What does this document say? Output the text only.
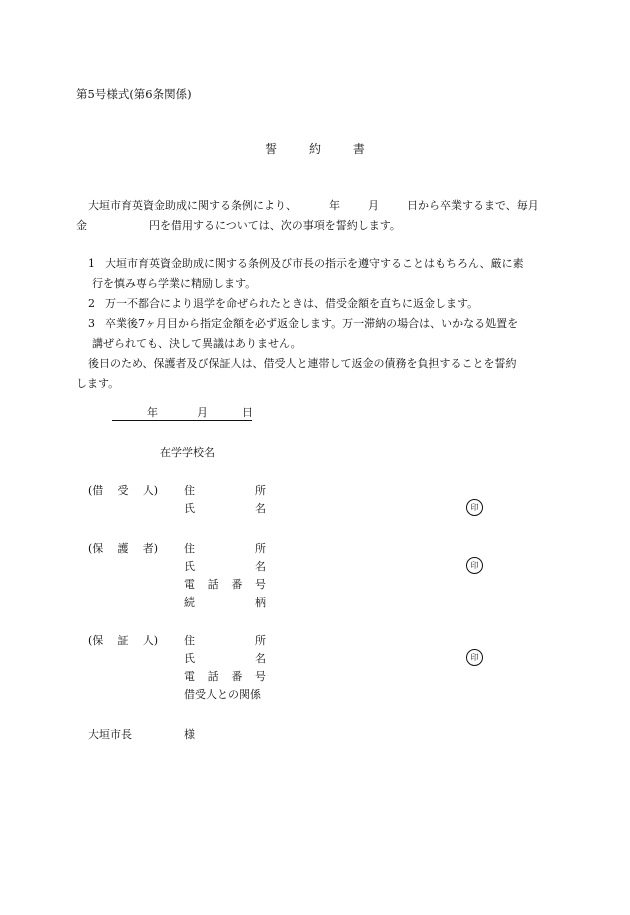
第5号様式(第6条関係)
誓	約	書
大垣市育英資金助成に関する条例により、	年	月	日から卒業するまで、毎月
金	円を借用するについては、次の事項を誓約します。
1 大垣市育英資金助成に関する条例及び市長の指示を遵守することはもちろん、厳に素
行を慎み専ら学業に精励します。
2 万一不都合により退学を命ぜられたときは、借受金額を直ちに返金します。
3 卒業後7ヶ月目から指定金額を必ず返金します。万一滞納の場合は、いかなる処置を
講ぜられても、決して異議はありません。
後日のため、保護者及び保証人は、借受人と連帯して返金の債務を負担することを誓約
します。
年	月	日
在学学校名
(借 受 人) 住	所
氏	名	印
(保 護 者) 住	所
氏	名	印
電 話 番 号
続	柄
(保 証 人) 住	所
氏	名	印
電 話 番 号
借受人との関係
大垣市長	様
